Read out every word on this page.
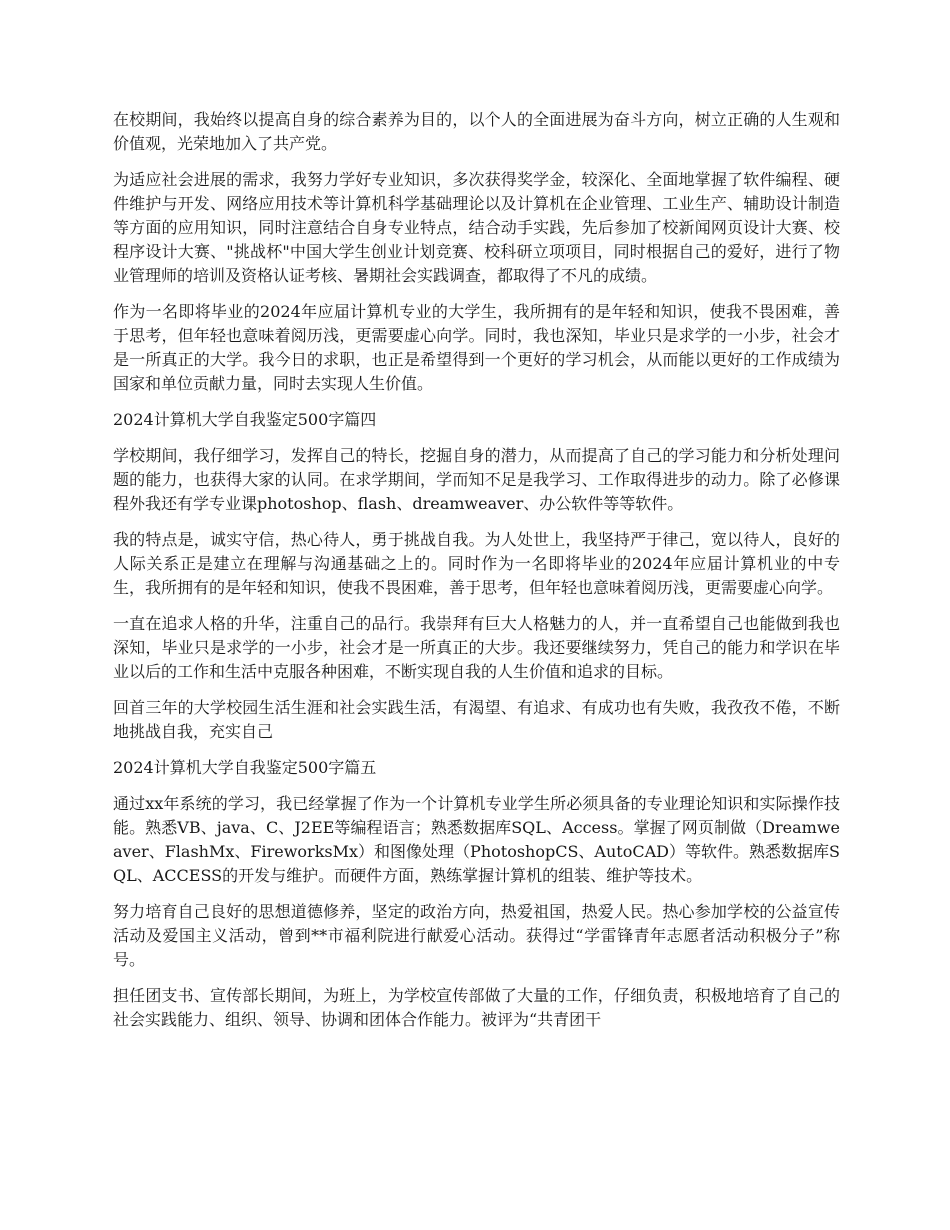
在校期间，我始终以提高自身的综合素养为目的，以个人的全面进展为奋斗方向，树立正确的人生观和价值观，光荣地加入了共产党。

为适应社会进展的需求，我努力学好专业知识，多次获得奖学金，较深化、全面地掌握了软件编程、硬件维护与开发、网络应用技术等计算机科学基础理论以及计算机在企业管理、工业生产、辅助设计制造等方面的应用知识，同时注意结合自身专业特点，结合动手实践，先后参加了校新闻网页设计大赛、校程序设计大赛、"挑战杯"中国大学生创业计划竞赛、校科研立项项目，同时根据自己的爱好，进行了物业管理师的培训及资格认证考核、暑期社会实践调查，都取得了不凡的成绩。

作为一名即将毕业的2024年应届计算机专业的大学生，我所拥有的是年轻和知识，使我不畏困难，善于思考，但年轻也意味着阅历浅，更需要虚心向学。同时，我也深知，毕业只是求学的一小步，社会才是一所真正的大学。我今日的求职，也正是希望得到一个更好的学习机会，从而能以更好的工作成绩为国家和单位贡献力量，同时去实现人生价值。

2024计算机大学自我鉴定500字篇四

学校期间，我仔细学习，发挥自己的特长，挖掘自身的潜力，从而提高了自己的学习能力和分析处理问题的能力，也获得大家的认同。在求学期间，学而知不足是我学习、工作取得进步的动力。除了必修课程外我还有学专业课photoshop、flash、dreamweaver、办公软件等等软件。

我的特点是，诚实守信，热心待人，勇于挑战自我。为人处世上，我坚持严于律己，宽以待人，良好的人际关系正是建立在理解与沟通基础之上的。同时作为一名即将毕业的2024年应届计算机业的中专生，我所拥有的是年轻和知识，使我不畏困难，善于思考，但年轻也意味着阅历浅，更需要虚心向学。

一直在追求人格的升华，注重自己的品行。我崇拜有巨大人格魅力的人，并一直希望自己也能做到我也深知，毕业只是求学的一小步，社会才是一所真正的大步。我还要继续努力，凭自己的能力和学识在毕业以后的工作和生活中克服各种困难，不断实现自我的人生价值和追求的目标。

回首三年的大学校园生活生涯和社会实践生活，有渴望、有追求、有成功也有失败，我孜孜不倦，不断地挑战自我，充实自己

2024计算机大学自我鉴定500字篇五

通过xx年系统的学习，我已经掌握了作为一个计算机专业学生所必须具备的专业理论知识和实际操作技能。熟悉VB、java、C、J2EE等编程语言；熟悉数据库SQL、Access。掌握了网页制做（Dreamweaver、FlashMx、FireworksMx）和图像处理（PhotoshopCS、AutoCAD）等软件。熟悉数据库SQL、ACCESS的开发与维护。而硬件方面，熟练掌握计算机的组装、维护等技术。

努力培育自己良好的思想道德修养，坚定的政治方向，热爱祖国，热爱人民。热心参加学校的公益宣传活动及爱国主义活动，曾到**市福利院进行献爱心活动。获得过“学雷锋青年志愿者活动积极分子”称号。

担任团支书、宣传部长期间，为班上，为学校宣传部做了大量的工作，仔细负责，积极地培育了自己的社会实践能力、组织、领导、协调和团体合作能力。被评为“共青团干
